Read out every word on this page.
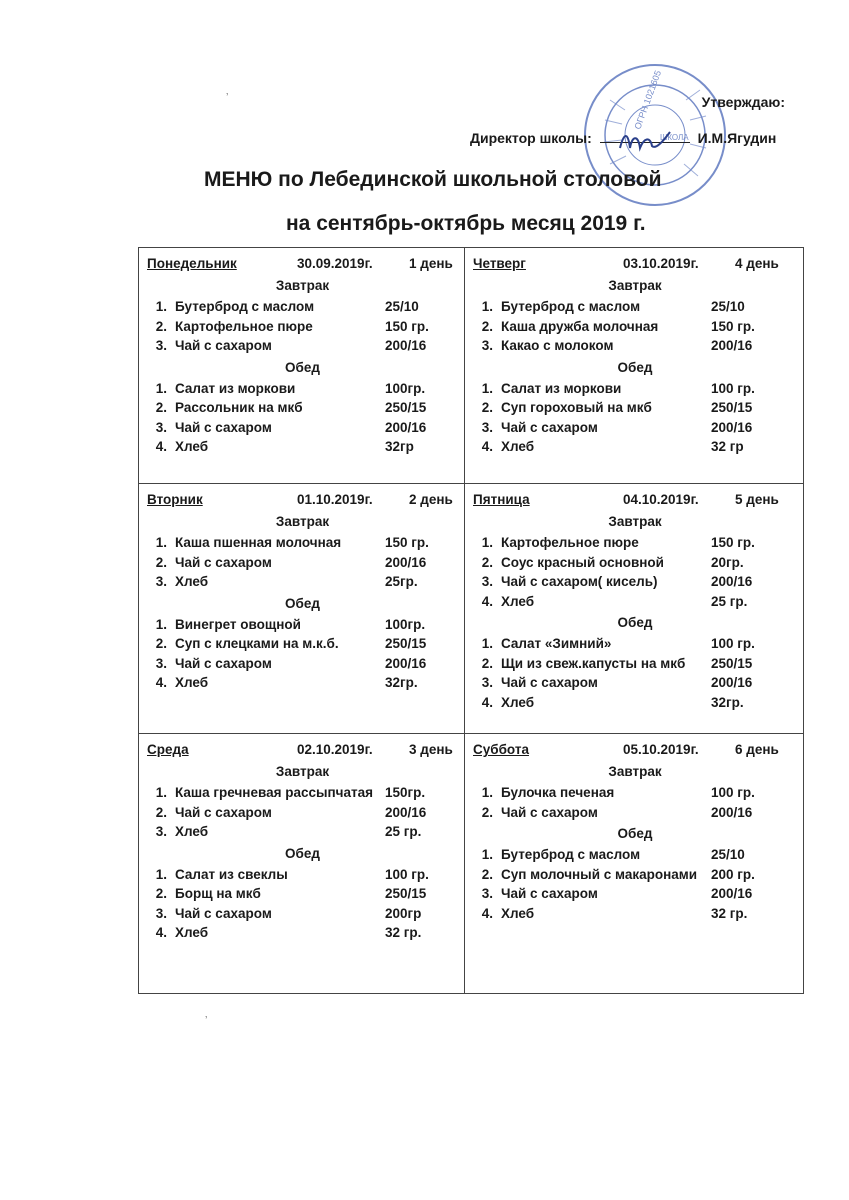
ОГРН 1021605
ШКОЛА
Утверждаю:
Директор школы:	И.М.Ягудин
МЕНЮ по Лебединской школьной столовой
на сентябрь-октябрь месяц 2019 г.
Понедельник	30.09.2019г.	1 день
Завтрак
1. Бутерброд с маслом	25/10
2. Картофельное пюре	150 гр.
3. Чай с сахаром	200/16
Обед
1. Салат из моркови	100гр.
2. Рассольник на мкб	250/15
3. Чай с сахаром	200/16
4. Хлеб	32гр
Четверг	03.10.2019г.	4 день
Завтрак
1. Бутерброд с маслом	25/10
2. Каша дружба молочная	150 гр.
3. Какао с молоком	200/16
Обед
1. Салат из моркови	100 гр.
2. Суп гороховый на мкб	250/15
3. Чай с сахаром	200/16
4. Хлеб	32 гр
Вторник	01.10.2019г.	2 день
Завтрак
1. Каша пшенная молочная	150 гр.
2. Чай с сахаром	200/16
3. Хлеб	25гр.
Обед
1. Винегрет овощной	100гр.
2. Суп с клецками на м.к.б.	250/15
3. Чай с сахаром	200/16
4. Хлеб	32гр.
Пятница	04.10.2019г.	5 день
Завтрак
1. Картофельное пюре	150 гр.
2. Соус красный основной	20гр.
3. Чай с сахаром( кисель)	200/16
4. Хлеб	25 гр.
Обед
1. Салат «Зимний»	100 гр.
2. Щи из свеж.капусты на мкб	250/15
3. Чай с сахаром	200/16
4. Хлеб	32гр.
Среда	02.10.2019г.	3 день
Завтрак
1. Каша гречневая рассыпчатая 150гр.
2. Чай с сахаром	200/16
3. Хлеб	25 гр.
Обед
1. Салат из свеклы	100 гр.
2. Борщ на мкб	250/15
3. Чай с сахаром	200гр
4. Хлеб	32 гр.
Суббота	05.10.2019г.	6 день
Завтрак
1. Булочка печеная	100 гр.
2. Чай с сахаром	200/16
Обед
1. Бутерброд с маслом	25/10
2. Суп молочный с макаронами	200 гр.
3. Чай с сахаром	200/16
4. Хлеб	32 гр.
ʼ
ʼ
